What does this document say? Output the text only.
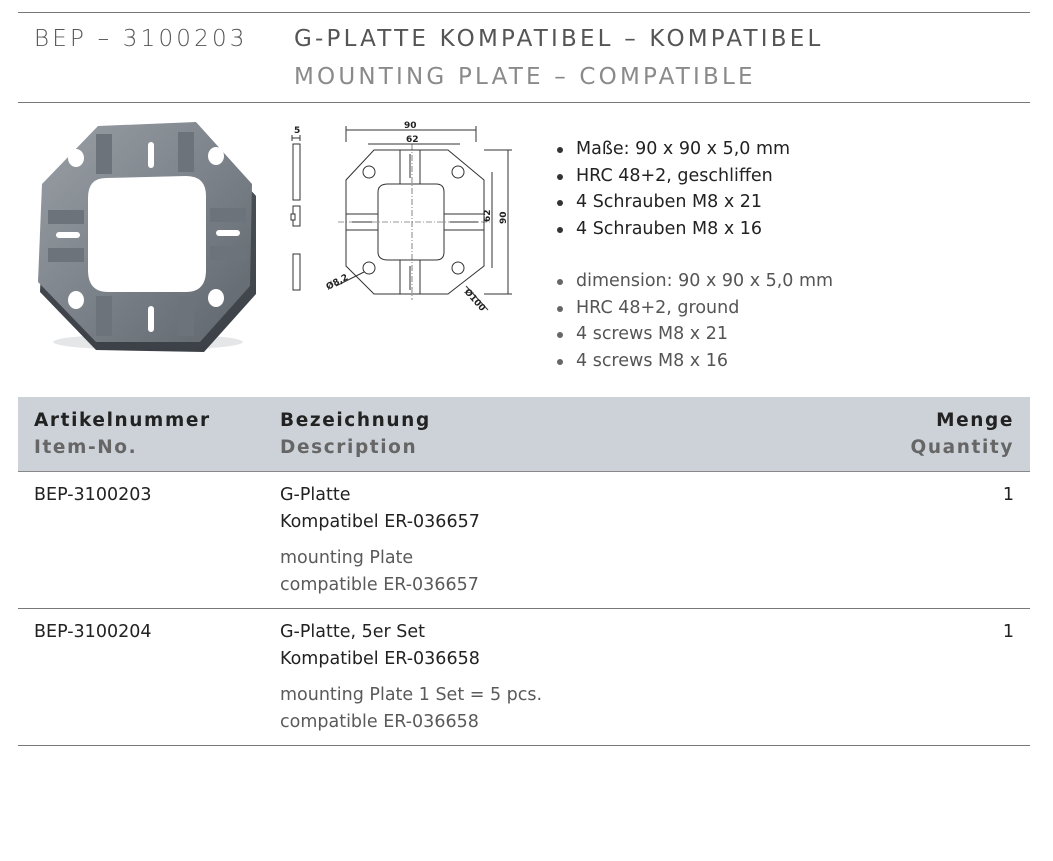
BEP – 3100203 G-PLATTE KOMPATIBEL – KOMPATIBEL
MOUNTING PLATE – COMPATIBLE
5	90
62
62 90
Ø8,2
Ø100
Maße: 90 x 90 x 5,0 mm
HRC 48+2, geschliffen
4 Schrauben M8 x 21
4 Schrauben M8 x 16
dimension: 90 x 90 x 5,0 mm
HRC 48+2, ground
4 screws M8 x 21
4 screws M8 x 16
Artikelnummer
Item-No.
Bezeichnung
Description
Menge
Quantity
BEP-3100203	G-Platte
Kompatibel ER-036657
mounting Plate
compatible ER-036657
1
BEP-3100204	G-Platte, 5er Set
Kompatibel ER-036658
mounting Plate 1 Set = 5 pcs.
compatible ER-036658
1
